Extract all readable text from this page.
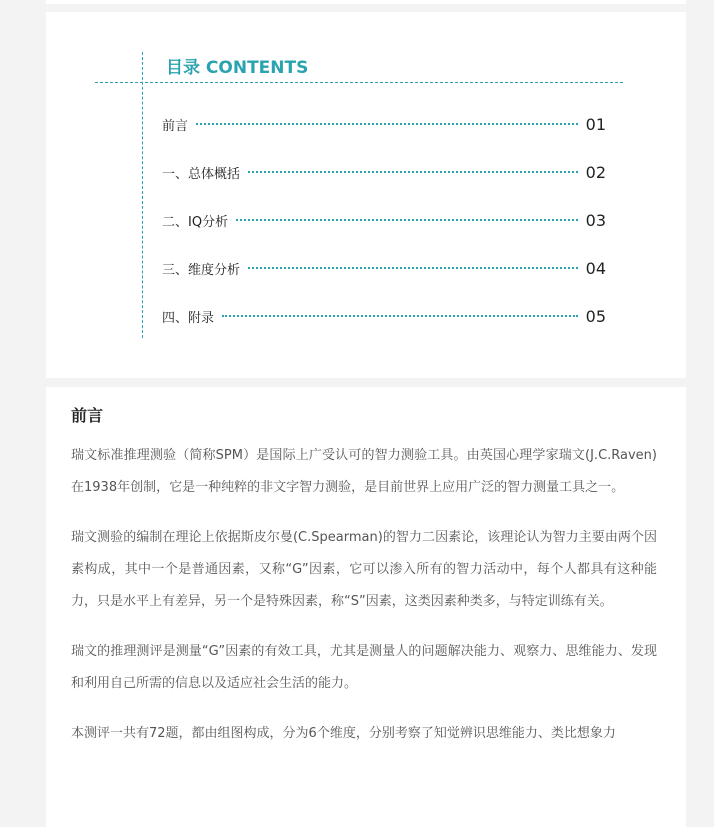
目录 CONTENTS
前言	01
一、总体概括	02
二、IQ分析	03
三、维度分析	04
四、附录	05
前言

瑞文标准推理测验（简称SPM）是国际上广受认可的智力测验工具。由英国心理学家瑞文(J.C.Raven)在1938年创制，它是一种纯粹的非文字智力测验，是目前世界上应用广泛的智力测量工具之一。

瑞文测验的编制在理论上依据斯皮尔曼(C.Spearman)的智力二因素论，该理论认为智力主要由两个因素构成，其中一个是普通因素，又称“G”因素，它可以渗入所有的智力活动中，每个人都具有这种能力，只是水平上有差异，另一个是特殊因素，称“S”因素，这类因素种类多，与特定训练有关。

瑞文的推理测评是测量“G”因素的有效工具，尤其是测量人的问题解决能力、观察力、思维能力、发现和利用自己所需的信息以及适应社会生活的能力。

本测评一共有72题，都由组图构成，分为6个维度，分别考察了知觉辨识思维能力、类比想象力
